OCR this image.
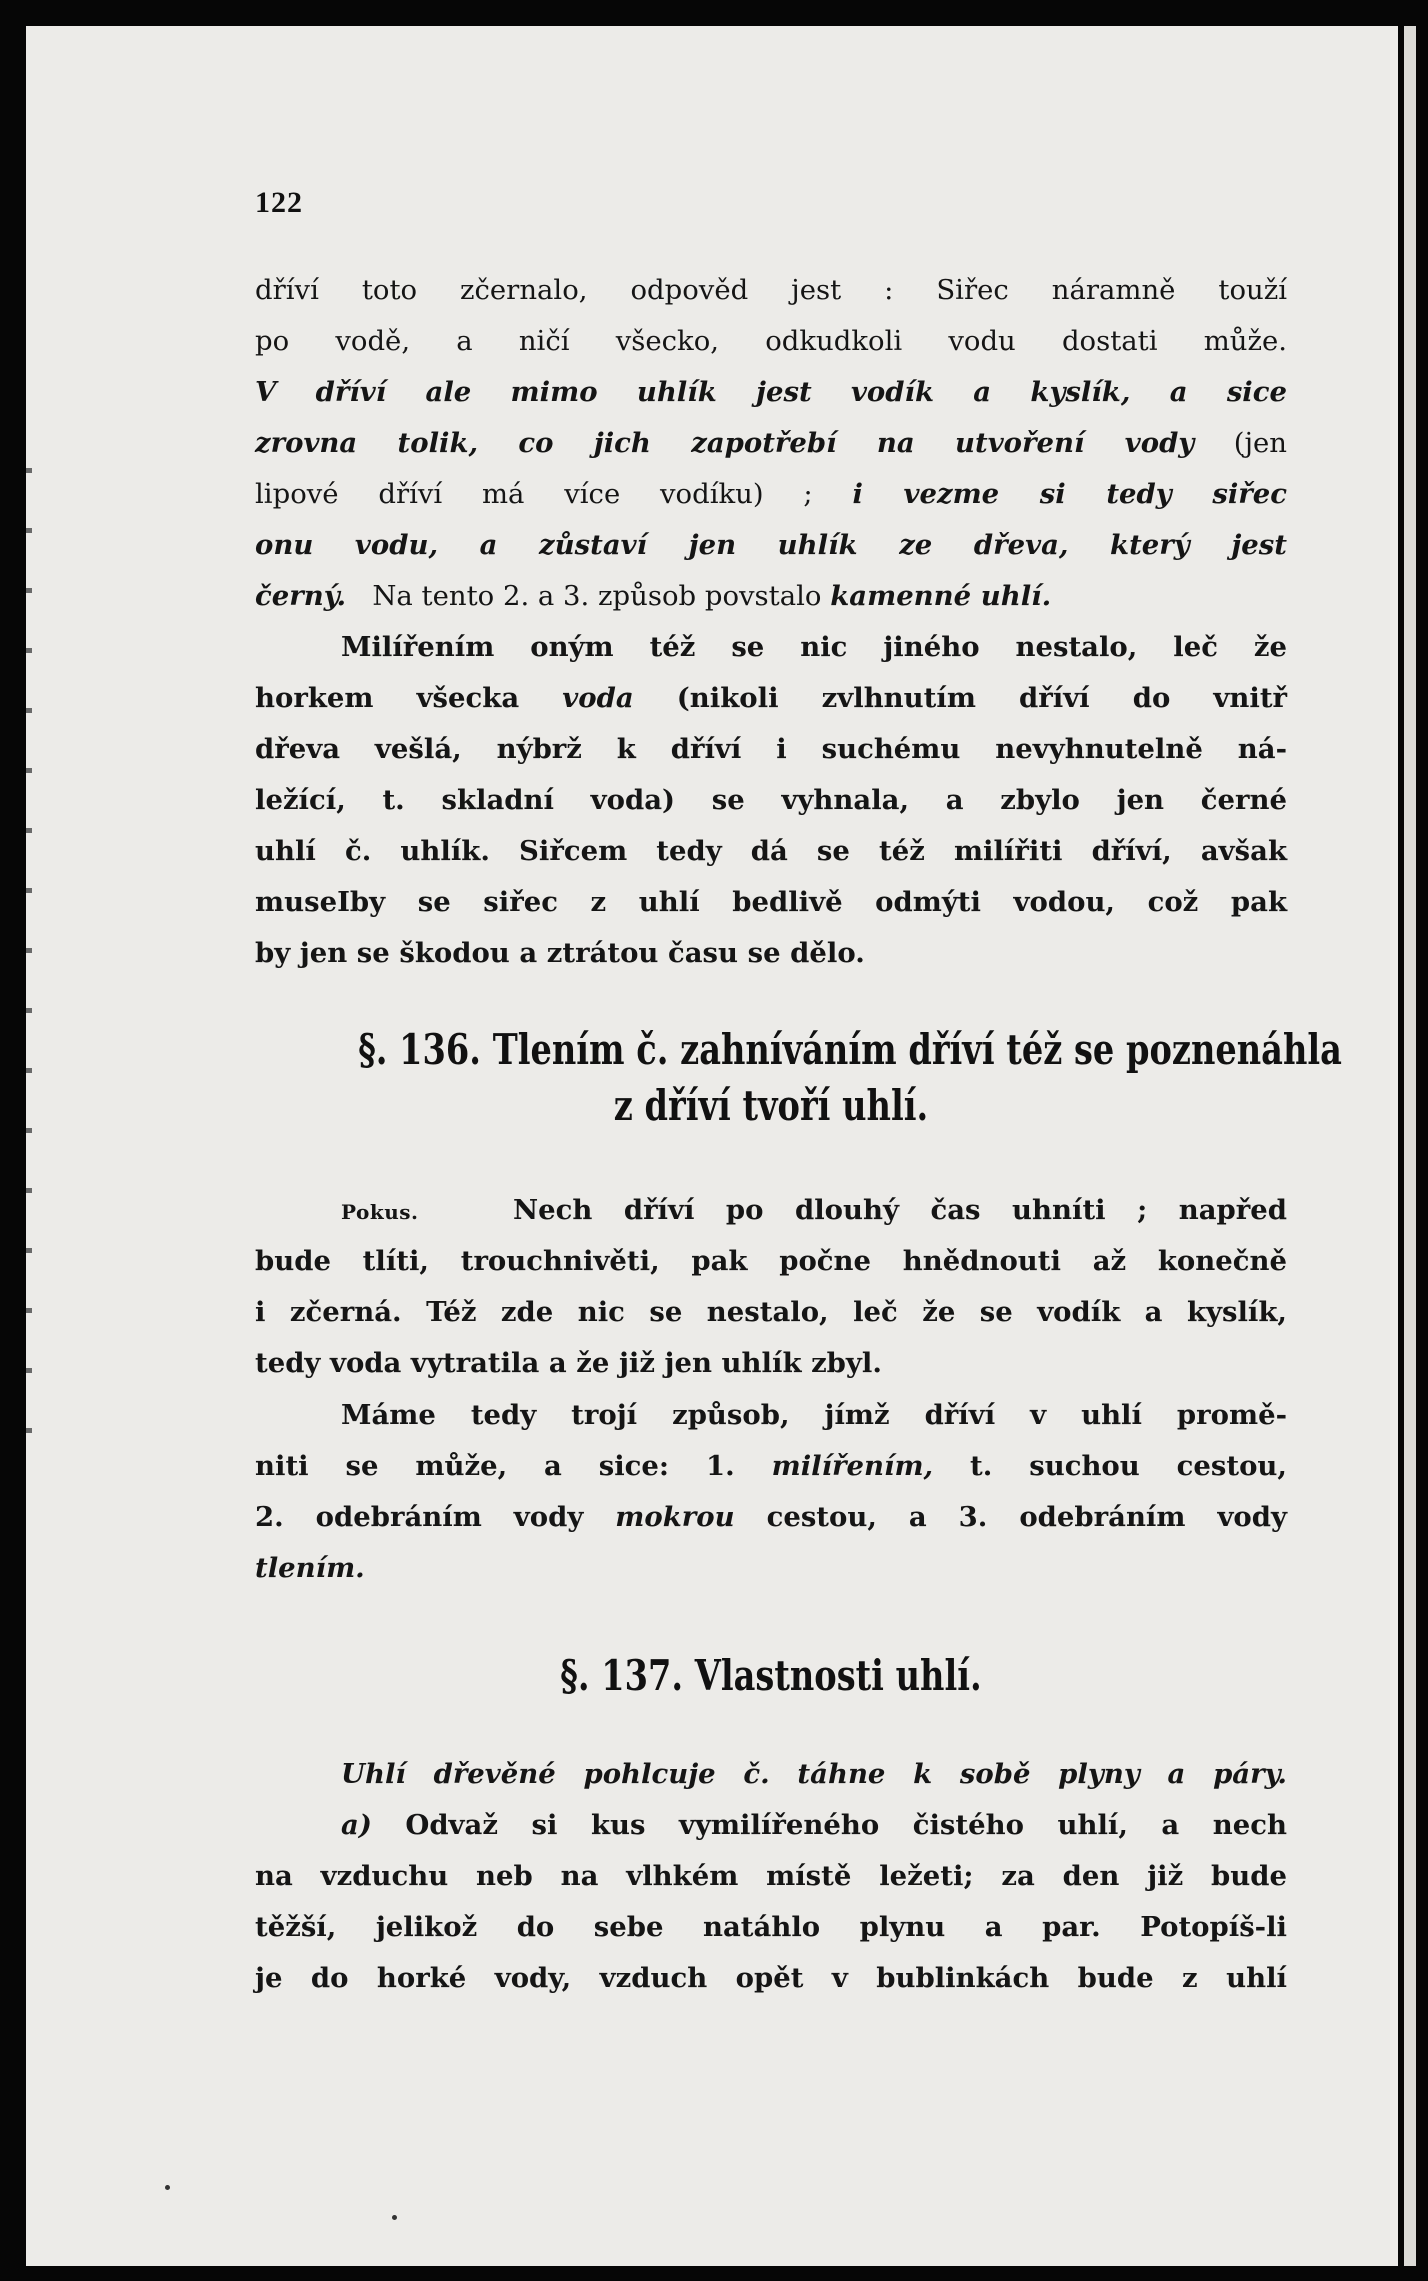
122
dříví toto zčernalo, odpověd jest : Siřec náramně touží
po vodě, a ničí všecko, odkudkoli vodu dostati může.
V dříví ale mimo uhlík jest vodík a kyslík, a sice
zrovna tolik, co jich zapotřebí na utvoření vody (jen
lipové dříví má více vodíku) ; i vezme si tedy siřec
onu vodu, a zůstaví jen uhlík ze dřeva, který jest
černý. Na tento 2. a 3. způsob povstalo kamenné uhlí.
Milířením oným též se nic jiného nestalo, leč že
horkem všecka voda (nikoli zvlhnutím dříví do vnitř
dřeva vešlá, nýbrž k dříví i suchému nevyhnutelně ná-
ležící, t. skladní voda) se vyhnala, a zbylo jen černé
uhlí č. uhlík. Siřcem tedy dá se též milířiti dříví, avšak
museIby se siřec z uhlí bedlivě odmýti vodou, což pak
by jen se škodou a ztrátou času se dělo.
§. 136. Tlením č. zahníváním dříví též se poznenáhla
z dříví tvoří uhlí.
Pokus.	Nech dříví po dlouhý čas uhníti ; napřed
bude tlíti, trouchnivěti, pak počne hnědnouti až konečně
i zčerná. Též zde nic se nestalo, leč že se vodík a kyslík,
tedy voda vytratila a že již jen uhlík zbyl.
Máme tedy trojí způsob, jímž dříví v uhlí promě-
niti se může, a sice: 1. milířením, t. suchou cestou,
2. odebráním vody mokrou cestou, a 3. odebráním vody
tlením.
§. 137. Vlastnosti uhlí.
Uhlí dřevěné pohlcuje č. táhne k sobě plyny a páry.
a) Odvaž si kus vymilířeného čistého uhlí, a nech
na vzduchu neb na vlhkém místě ležeti; za den již bude
těžší, jelikož do sebe natáhlo plynu a par. Potopíš-li
je do horké vody, vzduch opět v bublinkách bude z uhlí
